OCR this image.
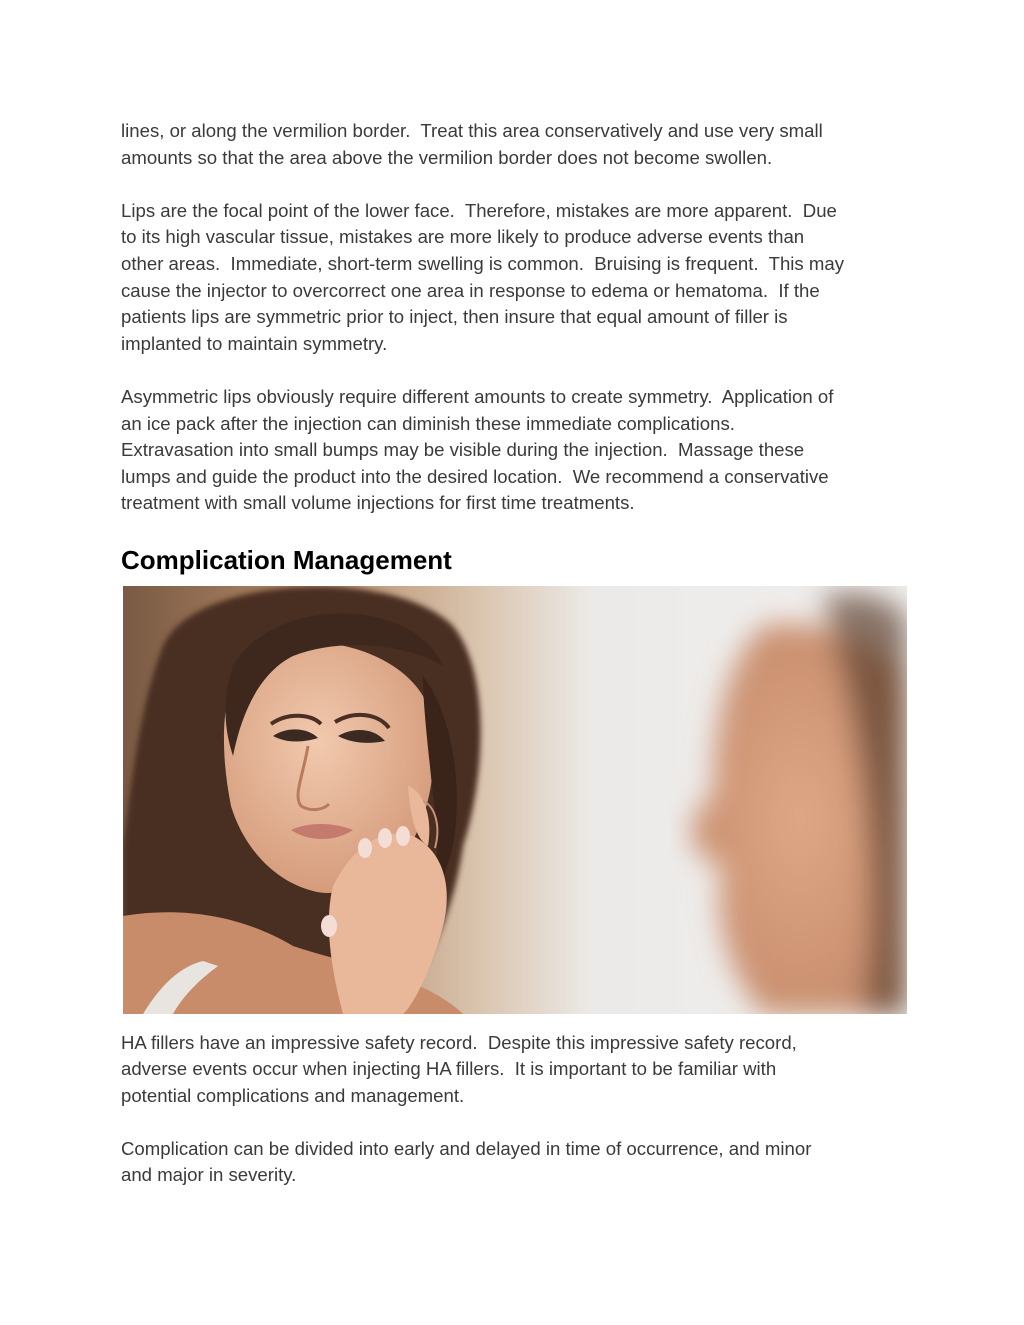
lines, or along the vermilion border.  Treat this area conservatively and use very small
amounts so that the area above the vermilion border does not become swollen.
Lips are the focal point of the lower face.  Therefore, mistakes are more apparent.  Due
to its high vascular tissue, mistakes are more likely to produce adverse events than
other areas.  Immediate, short-term swelling is common.  Bruising is frequent.  This may
cause the injector to overcorrect one area in response to edema or hematoma.  If the
patients lips are symmetric prior to inject, then insure that equal amount of filler is
implanted to maintain symmetry.
Asymmetric lips obviously require different amounts to create symmetry.  Application of
an ice pack after the injection can diminish these immediate complications.
Extravasation into small bumps may be visible during the injection.  Massage these
lumps and guide the product into the desired location.  We recommend a conservative
treatment with small volume injections for first time treatments.
Complication Management
HA fillers have an impressive safety record.  Despite this impressive safety record,
adverse events occur when injecting HA fillers.  It is important to be familiar with
potential complications and management.
Complication can be divided into early and delayed in time of occurrence, and minor
and major in severity.
